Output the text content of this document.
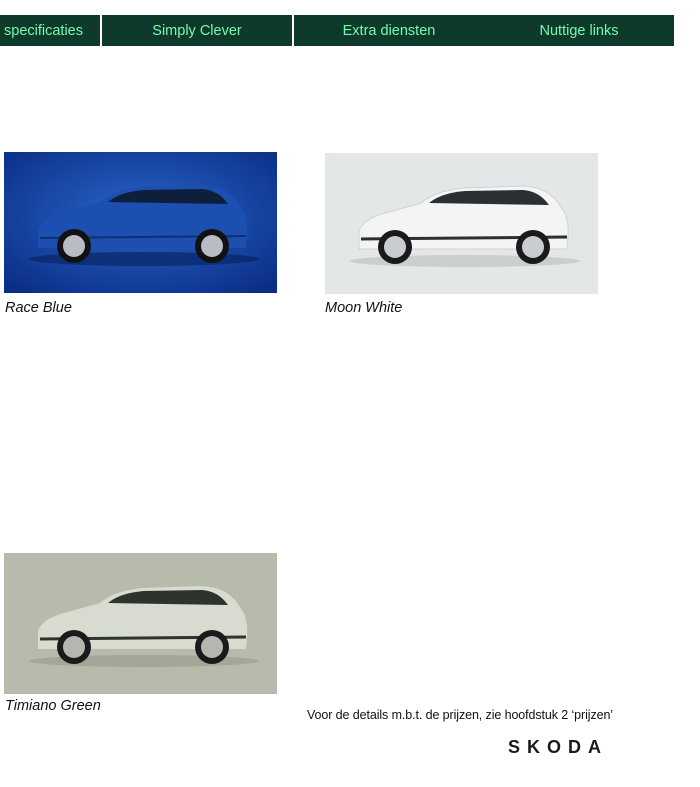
specificaties	Simply Clever	Extra diensten	Nuttige links
Race Blue	Moon White
Timiano Green
Voor de details m.b.t. de prijzen, zie hoofdstuk 2 ‘prijzen’
SKODA
